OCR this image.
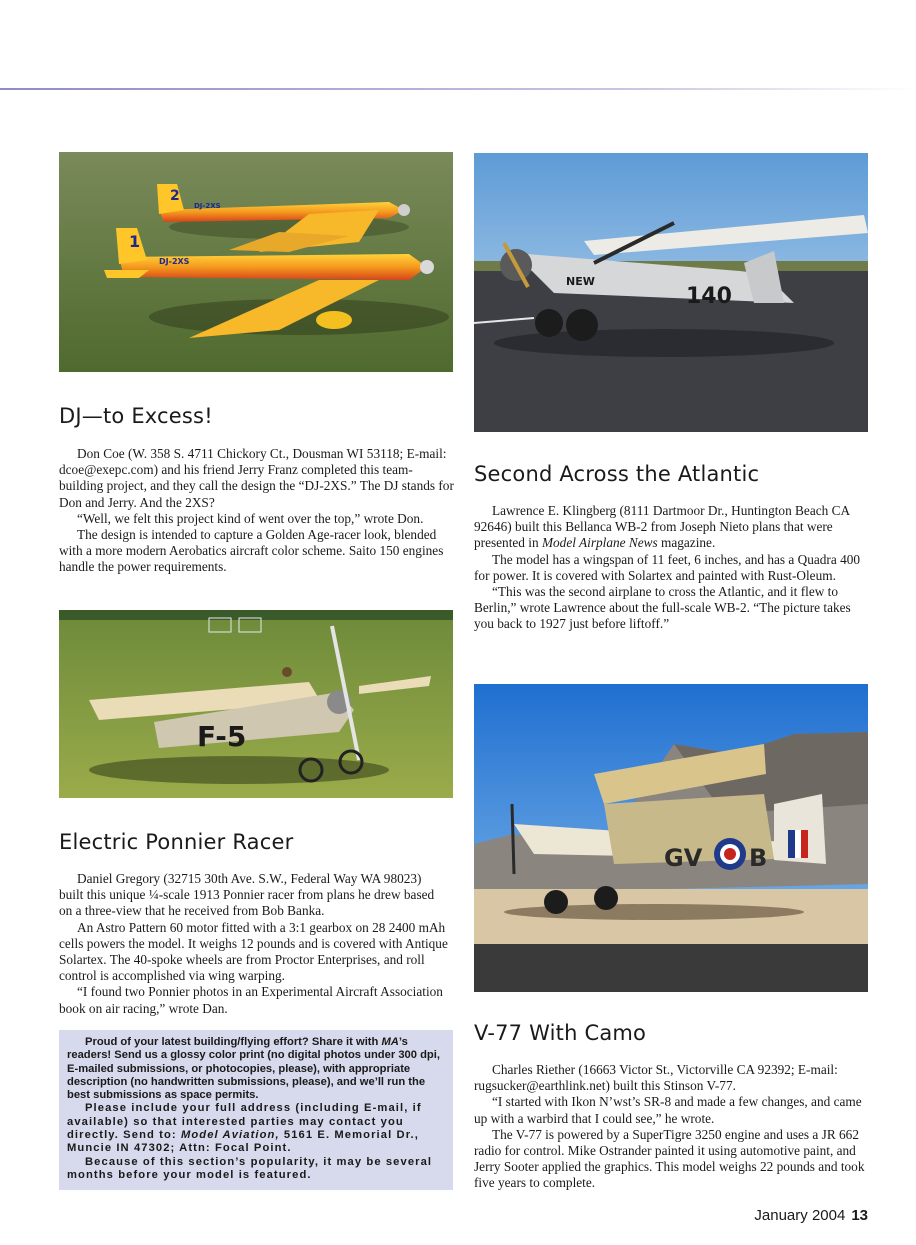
2
DJ-2XS
1
DJ-2XS
NEW
140
F-5
GV B
DJ—to Excess!

Don Coe (W. 358 S. 4711 Chickory Ct., Dousman WI 53118; E-mail: dcoe@exepc.com) and his friend Jerry Franz completed this team-building project, and they call the design the “DJ-2XS.” The DJ stands for Don and Jerry. And the 2XS?

“Well, we felt this project kind of went over the top,” wrote Don.

The design is intended to capture a Golden Age-racer look, blended with a more modern Aerobatics aircraft color scheme. Saito 150 engines handle the power requirements.

Second Across the Atlantic

Lawrence E. Klingberg (8111 Dartmoor Dr., Huntington Beach CA 92646) built this Bellanca WB-2 from Joseph Nieto plans that were presented in Model Airplane News magazine.

The model has a wingspan of 11 feet, 6 inches, and has a Quadra 400 for power. It is covered with Solartex and painted with Rust-Oleum.

“This was the second airplane to cross the Atlantic, and it flew to Berlin,” wrote Lawrence about the full-scale WB-2. “The picture takes you back to 1927 just before liftoff.”

Electric Ponnier Racer

Daniel Gregory (32715 30th Ave. S.W., Federal Way WA 98023) built this unique ¼-scale 1913 Ponnier racer from plans he drew based on a three-view that he received from Bob Banka.

An Astro Pattern 60 motor fitted with a 3:1 gearbox on 28 2400 mAh cells powers the model. It weighs 12 pounds and is covered with Antique Solartex. The 40-spoke wheels are from Proctor Enterprises, and roll control is accomplished via wing warping.

“I found two Ponnier photos in an Experimental Aircraft Association book on air racing,” wrote Dan.

Proud of your latest building/flying effort? Share it with MA’s readers! Send us a glossy color print (no digital photos under 300 dpi, E-mailed submissions, or photocopies, please), with appropriate description (no handwritten submissions, please), and we’ll run the best submissions as space permits.

Please include your full address (including E-mail, if available) so that interested parties may contact you directly. Send to: Model Aviation, 5161 E. Memorial Dr., Muncie IN 47302; Attn: Focal Point.

Because of this section’s popularity, it may be several months before your model is featured.

V-77 With Camo

Charles Riether (16663 Victor St., Victorville CA 92392; E-mail: rugsucker@earthlink.net) built this Stinson V-77.

“I started with Ikon N’wst’s SR-8 and made a few changes, and came up with a warbird that I could see,” he wrote.

The V-77 is powered by a SuperTigre 3250 engine and uses a JR 662 radio for control. Mike Ostrander painted it using automotive paint, and Jerry Sooter applied the graphics. This model weighs 22 pounds and took five years to complete.

January 2004 13
